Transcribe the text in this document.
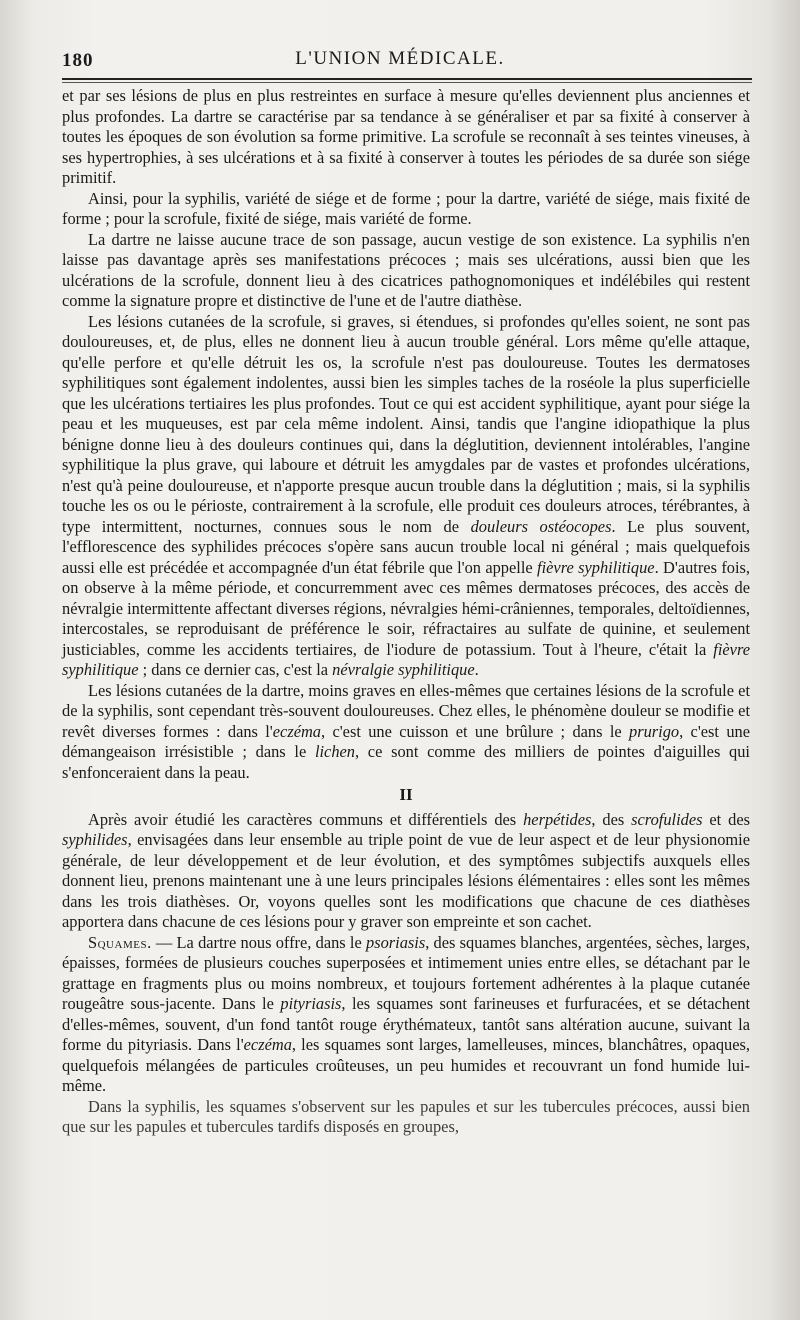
180	L'UNION MÉDICALE.

et par ses lésions de plus en plus restreintes en surface à mesure qu'elles deviennent plus anciennes et plus profondes. La dartre se caractérise par sa tendance à se généraliser et par sa fixité à conserver à toutes les époques de son évolution sa forme primitive. La scrofule se reconnaît à ses teintes vineuses, à ses hypertrophies, à ses ulcérations et à sa fixité à conserver à toutes les périodes de sa durée son siége primitif.

Ainsi, pour la syphilis, variété de siége et de forme ; pour la dartre, variété de siége, mais fixité de forme ; pour la scrofule, fixité de siége, mais variété de forme.

La dartre ne laisse aucune trace de son passage, aucun vestige de son existence. La syphilis n'en laisse pas davantage après ses manifestations précoces ; mais ses ulcérations, aussi bien que les ulcérations de la scrofule, donnent lieu à des cicatrices pathognomoniques et indélébiles qui restent comme la signature propre et distinctive de l'une et de l'autre diathèse.

Les lésions cutanées de la scrofule, si graves, si étendues, si profondes qu'elles soient, ne sont pas douloureuses, et, de plus, elles ne donnent lieu à aucun trouble général. Lors même qu'elle attaque, qu'elle perfore et qu'elle détruit les os, la scrofule n'est pas douloureuse. Toutes les dermatoses syphilitiques sont également indolentes, aussi bien les simples taches de la roséole la plus superficielle que les ulcérations tertiaires les plus profondes. Tout ce qui est accident syphilitique, ayant pour siége la peau et les muqueuses, est par cela même indolent. Ainsi, tandis que l'angine idiopathique la plus bénigne donne lieu à des douleurs continues qui, dans la déglutition, deviennent intolérables, l'angine syphilitique la plus grave, qui laboure et détruit les amygdales par de vastes et profondes ulcérations, n'est qu'à peine douloureuse, et n'apporte presque aucun trouble dans la déglutition ; mais, si la syphilis touche les os ou le périoste, contrairement à la scrofule, elle produit ces douleurs atroces, térébrantes, à type intermittent, nocturnes, connues sous le nom de douleurs ostéocopes. Le plus souvent, l'efflorescence des syphilides précoces s'opère sans aucun trouble local ni général ; mais quelquefois aussi elle est précédée et accompagnée d'un état fébrile que l'on appelle fièvre syphilitique. D'autres fois, on observe à la même période, et concurremment avec ces mêmes dermatoses précoces, des accès de névralgie intermittente affectant diverses régions, névralgies hémi-crâniennes, temporales, deltoïdiennes, intercostales, se reproduisant de préférence le soir, réfractaires au sulfate de quinine, et seulement justiciables, comme les accidents tertiaires, de l'iodure de potassium. Tout à l'heure, c'était la fièvre syphilitique ; dans ce dernier cas, c'est la névralgie syphilitique.

Les lésions cutanées de la dartre, moins graves en elles-mêmes que certaines lésions de la scrofule et de la syphilis, sont cependant très-souvent douloureuses. Chez elles, le phénomène douleur se modifie et revêt diverses formes : dans l'eczéma, c'est une cuisson et une brûlure ; dans le prurigo, c'est une démangeaison irrésistible ; dans le lichen, ce sont comme des milliers de pointes d'aiguilles qui s'enfonceraient dans la peau.

II

Après avoir étudié les caractères communs et différentiels des herpétides, des scrofulides et des syphilides, envisagées dans leur ensemble au triple point de vue de leur aspect et de leur physionomie générale, de leur développement et de leur évolution, et des symptômes subjectifs auxquels elles donnent lieu, prenons maintenant une à une leurs principales lésions élémentaires : elles sont les mêmes dans les trois diathèses. Or, voyons quelles sont les modifications que chacune de ces diathèses apportera dans chacune de ces lésions pour y graver son empreinte et son cachet.

Squames. — La dartre nous offre, dans le psoriasis, des squames blanches, argentées, sèches, larges, épaisses, formées de plusieurs couches superposées et intimement unies entre elles, se détachant par le grattage en fragments plus ou moins nombreux, et toujours fortement adhérentes à la plaque cutanée rougeâtre sous-jacente. Dans le pityriasis, les squames sont farineuses et furfuracées, et se détachent d'elles-mêmes, souvent, d'un fond tantôt rouge érythémateux, tantôt sans altération aucune, suivant la forme du pityriasis. Dans l'eczéma, les squames sont larges, lamelleuses, minces, blanchâtres, opaques, quelquefois mélangées de particules croûteuses, un peu humides et recouvrant un fond humide lui-même.

Dans la syphilis, les squames s'observent sur les papules et sur les tubercules précoces, aussi bien que sur les papules et tubercules tardifs disposés en groupes,
